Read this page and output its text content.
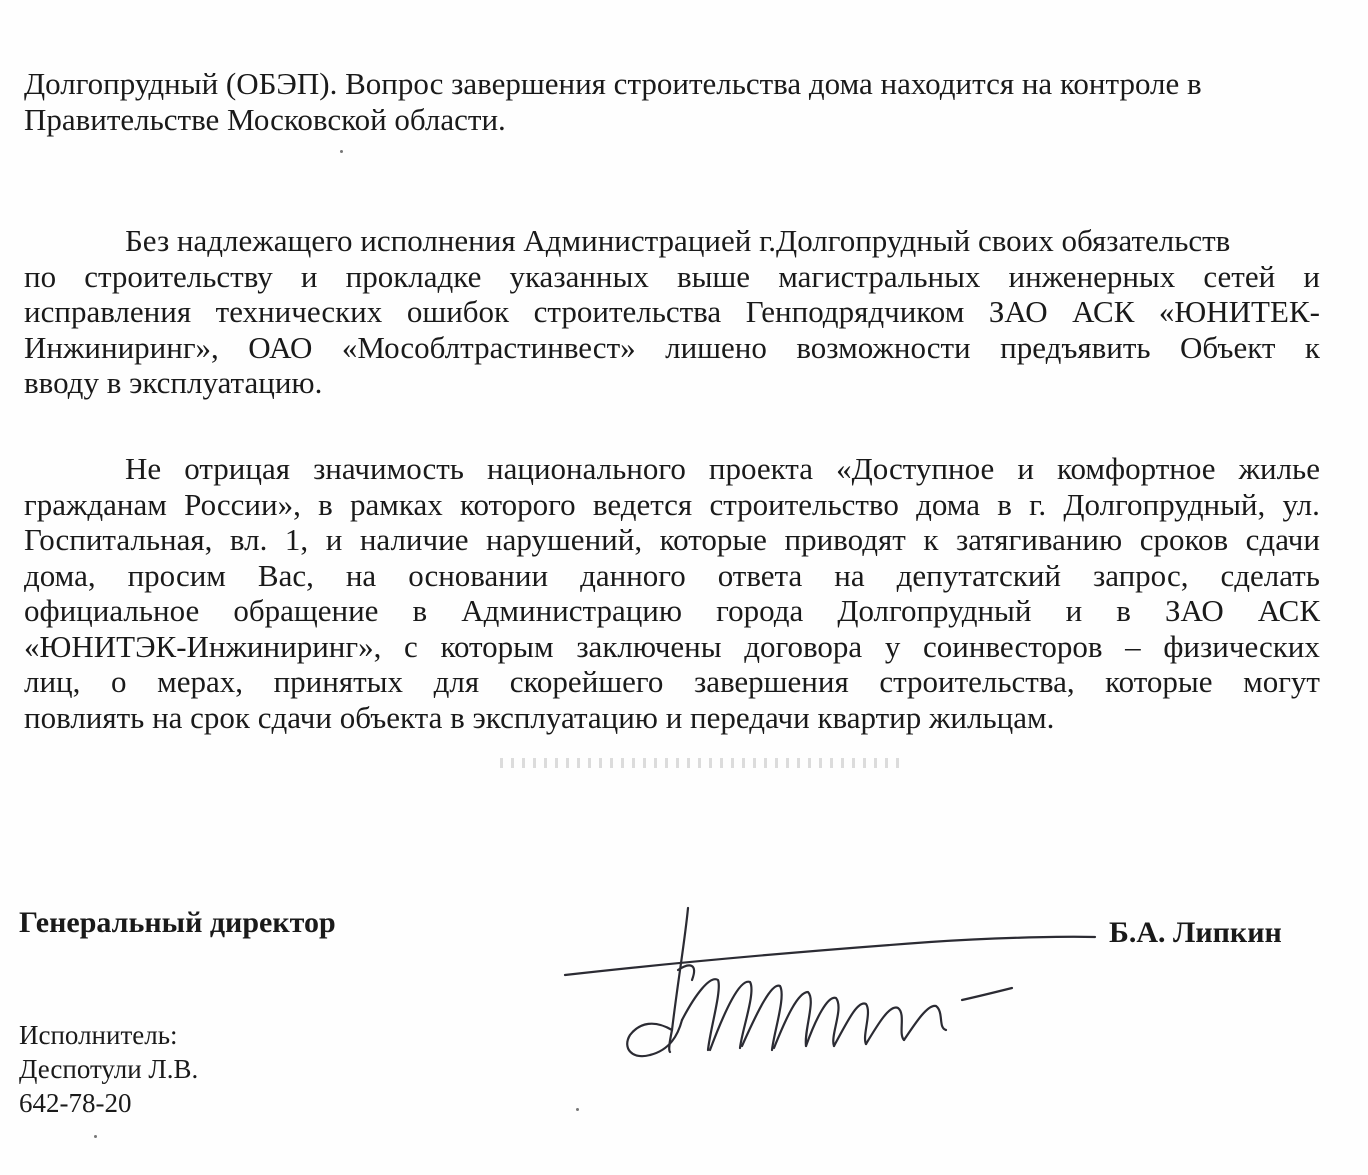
Долгопрудный (ОБЭП). Вопрос завершения строительства дома находится на контроле в
Правительстве Московской области.
Без надлежащего исполнения Администрацией г.Долгопрудный своих обязательств
по строительству и прокладке указанных выше магистральных инженерных сетей и
исправления технических ошибок строительства Генподрядчиком ЗАО АСК «ЮНИТЕК-
Инжиниринг», ОАО «Мособлтрастинвест» лишено возможности предъявить Объект к
вводу в эксплуатацию.
Не отрицая значимость национального проекта «Доступное и комфортное жилье
гражданам России», в рамках которого ведется строительство дома в г. Долгопрудный, ул.
Госпитальная, вл. 1, и наличие нарушений, которые приводят к затягиванию сроков сдачи
дома, просим Вас, на основании данного ответа на депутатский запрос, сделать
официальное обращение в Администрацию города Долгопрудный и в ЗАО АСК
«ЮНИТЭК-Инжиниринг», с которым заключены договора у соинвесторов – физических
лиц, о мерах, принятых для скорейшего завершения строительства, которые могут
повлиять на срок сдачи объекта в эксплуатацию и передачи квартир жильцам.
Генеральный директор	Б.А. Липкин
Исполнитель:
Деспотули Л.В.
642-78-20
